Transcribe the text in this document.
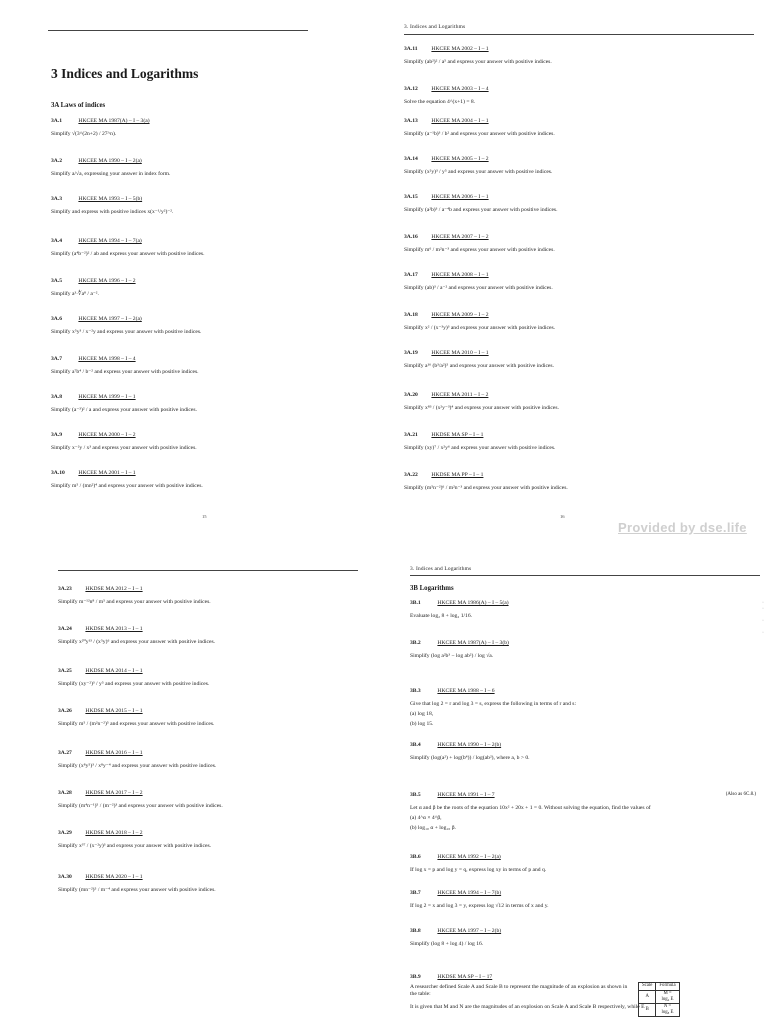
3 Indices and Logarithms
3A Laws of indices
3A.1	HKCEE MA 1987(A) – I – 3(a)
Simplify √(3^(2n+2) / 27^n).
3A.2	HKCEE MA 1990 – I – 2(a)
Simplify a/√a, expressing your answer in index form.
3A.3	HKCEE MA 1993 – I – 5(b)
Simplify and express with positive indices x(x⁻¹/y²)⁻².
3A.4	HKCEE MA 1994 – I – 7(a)
Simplify (a⁴b⁻²)² / ab and express your answer with positive indices.
3A.5	HKCEE MA 1996 – I – 2
Simplify a³·∜a⁸ / a⁻².
3A.6	HKCEE MA 1997 – I – 2(a)
Simplify x⁵y³ / x⁻²y and express your answer with positive indices.
3A.7	HKCEE MA 1998 – I – 4
Simplify a⁷b⁴ / b⁻² and express your answer with positive indices.
3A.8	HKCEE MA 1999 – I – 1
Simplify (a⁻³)² / a and express your answer with positive indices.
3A.9	HKCEE MA 2000 – I – 2
Simplify x⁻²y / x³ and express your answer with positive indices.
3A.10 HKCEE MA 2001 – I – 1
Simplify m⁵ / (mn²)⁴ and express your answer with positive indices.
15
3. Indices and Logarithms
3A.11 HKCEE MA 2002 – I – 1
Simplify (ab²)² / a⁵ and express your answer with positive indices.
3A.12 HKCEE MA 2003 – I – 4
Solve the equation 4^(x+1) = 8.
3A.13 HKCEE MA 2004 – I – 1
Simplify (a⁻¹b)³ / b² and express your answer with positive indices.
3A.14 HKCEE MA 2005 – I – 2
Simplify (x²y)³ / y⁵ and express your answer with positive indices.
3A.15 HKCEE MA 2006 – I – 1
Simplify (a²b)³ / a⁻⁴b and express your answer with positive indices.
3A.16 HKCEE MA 2007 – I – 2
Simplify m⁶ / m²n⁻³ and express your answer with positive indices.
3A.17 HKCEE MA 2008 – I – 1
Simplify (ab)³ / a⁻² and express your answer with positive indices.
3A.18 HKCEE MA 2009 – I – 2
Simplify x² / (x⁻³y)³ and express your answer with positive indices.
3A.19 HKCEE MA 2010 – I – 1
Simplify a¹⁶ (b³/a²)⁵ and express your answer with positive indices.
3A.20 HKCEE MA 2011 – I – 2
Simplify x⁸³ / (x²y⁻³)⁴ and express your answer with positive indices.
3A.21 HKDSE MA SP – I – 1
Simplify (xy)⁷ / x²y⁶ and express your answer with positive indices.
3A.22 HKDSE MA PP – I – 1
Simplify (m⁵n⁻²)⁶ / m²n⁻³ and express your answer with positive indices.
16
Provided by dse.life
3A.23 HKDSE MA 2012 – I – 1
Simplify m⁻¹²n⁸ / m⁵ and express your answer with positive indices.
3A.24 HKDSE MA 2013 – I – 1
Simplify x²⁰y¹³ / (x⁵y)⁶ and express your answer with positive indices.
3A.25 HKDSE MA 2014 – I – 1
Simplify (xy⁻²)³ / y⁵ and express your answer with positive indices.
3A.26 HKDSE MA 2015 – I – 1
Simplify m⁵ / (m²n⁻²)⁵ and express your answer with positive indices.
3A.27 HKDSE MA 2016 – I – 1
Simplify (x⁸y⁵)³ / x⁸y⁻⁴ and express your answer with positive indices.
3A.28 HKDSE MA 2017 – I – 2
Simplify (m⁴n⁻¹)⁵ / (m⁻²)³ and express your answer with positive indices.
3A.29 HKDSE MA 2018 – I – 2
Simplify x³⁷ / (x⁻²y)³ and express your answer with positive indices.
3A.30 HKDSE MA 2020 – I – 1
Simplify (mn⁻²)⁵ / m⁻⁴ and express your answer with positive indices.
3. Indices and Logarithms
3B Logarithms
3B.1	HKCEE MA 1986(A) – I – 5(a)
Evaluate log₂ 8 + log₂ 1/16.
3B.2	HKCEE MA 1987(A) – I – 3(b)
Simplify (log a²b³ − log ab²) / log √a.
3B.3	HKCEE MA 1988 – I – 6
Give that log 2 = r and log 3 = s, express the following in terms of r and s:
(a) log 18,
(b) log 15.
3B.4	HKCEE MA 1990 – I – 2(b)
Simplify (log(a²) + log(b⁴)) / log(ab²), where a, b > 0.
3B.5	HKCEE MA 1991 – I – 7	(Also as 6C.8.)
Let α and β be the roots of the equation 10x² + 20x + 1 = 0. Without solving the equation, find the values of
(a) 4^α × 4^β,
(b) log₁₀ α + log₁₀ β.
3B.6	HKCEE MA 1992 – I – 2(a)
If log x = p and log y = q, express log xy in terms of p and q.
3B.7	HKCEE MA 1994 – I – 7(b)
If log 2 = x and log 3 = y, express log √12 in terms of x and y.
3B.8	HKCEE MA 1997 – I – 2(b)
Simplify (log 8 + log 4) / log 16.
3B.9	HKDSE MA SP – I – 17
A researcher defined Scale A and Scale B to represent the magnitude of an explosion as shown in the table:
Scale	Formula
A	M = log₄ E
B	N = log₈ E
It is given that M and N are the magnitudes of an explosion on Scale A and Scale B respectively, while E
·
·

·

·
